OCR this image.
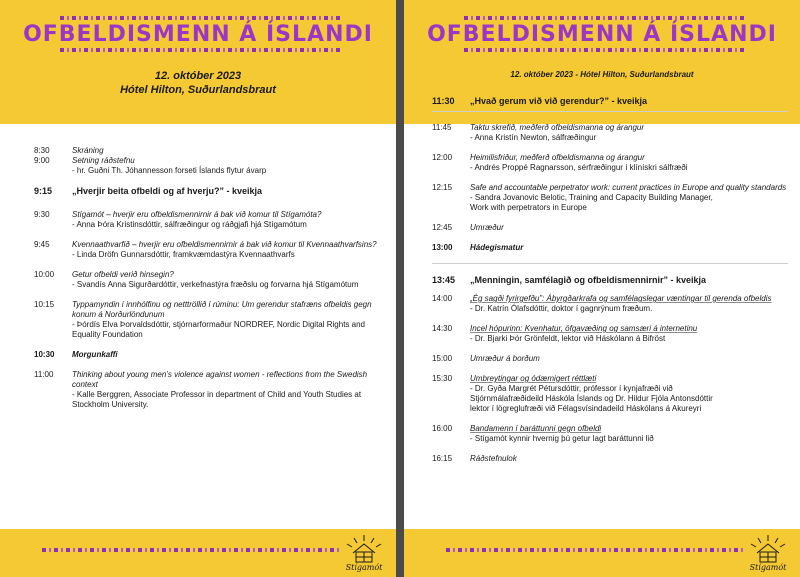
OFBELDISMENN Á ÍSLANDI
12. október 2023
Hótel Hilton, Suðurlandsbraut
8:30	Skráning
9:00	Setning ráðstefnu
- hr. Guðni Th. Jóhannesson forseti Íslands flytur ávarp
9:15	„Hverjir beita ofbeldi og af hverju?” - kveikja
9:30	Stígamót – hverjir eru ofbeldismennirnir á bak við komur til Stígamóta?
- Anna Þóra Kristinsdóttir, sálfræðingur og ráðgjafi hjá Stígamótum
9:45	Kvennaathvarfið – hverjir eru ofbeldismennirnir á bak við komur til Kvennaathvarfsins?
- Linda Dröfn Gunnarsdóttir, framkvæmdastýra Kvennaathvarfs
10:00	Getur ofbeldi verið hinsegin?
- Svandís Anna Sigurðardóttir, verkefnastýra fræðslu og forvarna hjá Stígamótum
10:15	Typpamyndin í innhólfinu og netttröllið í rúminu: Um gerendur stafræns ofbeldis gegn konum á Norðurlöndunum
- Þórdís Elva Þorvaldsdóttir, stjórnarformaður NORDREF, Nordic Digital Rights and Equality Foundation
10:30	Morgunkaffi
11:00	Thinking about young men’s violence against women - reflections from the Swedish context
- Kalle Berggren, Associate Professor in department of Child and Youth Studies at Stockholm University.
Stígamót
OFBELDISMENN Á ÍSLANDI
12. október 2023 - Hótel Hilton, Suðurlandsbraut
11:30	„Hvað gerum við við gerendur?” - kveikja
11:45	Taktu skrefið, meðferð ofbeldismanna og árangur
- Anna Kristín Newton, sálfræðingur
12:00	Heimilisfriður, meðferð ofbeldismanna og árangur
- Andrés Proppé Ragnarsson, sérfræðingur í klínískri sálfræði
12:15	Safe and accountable perpetrator work: current practices in Europe and quality standards
- Sandra Jovanovic Belotic, Training and Capacity Building Manager,
Work with perpetrators in Europe
12:45	Umræður
13:00	Hádegismatur
13:45	„Menningin, samfélagið og ofbeldismennirnir” - kveikja
14:00	„Ég sagði fyrirgefðu”: Ábyrgðarkrafa og samfélagslegar væntingar til gerenda ofbeldis
- Dr. Katrín Ólafsdóttir, doktor í gagnrýnum fræðum.
14:30	Incel hópurinn: Kvenhatur, öfgavæðing og samsæri á internetinu
- Dr. Bjarki Þór Grönfeldt, lektor við Háskólann á Bifröst
15:00	Umræður á borðum
15:30	Umbreytingar og ódæmigert réttlæti
- Dr. Gyða Margrét Pétursdóttir, prófessor í kynjafræði við
Stjórnmálafræðideild Háskóla Íslands og Dr. Hildur Fjóla Antonsdóttir
lektor í lögreglufræði við Félagsvísindadeild Háskólans á Akureyri
16:00	Bandamenn í baráttunni gegn ofbeldi
- Stígamót kynnir hvernig þú getur lagt baráttunni lið
16:15	Ráðstefnulok
Stígamót
